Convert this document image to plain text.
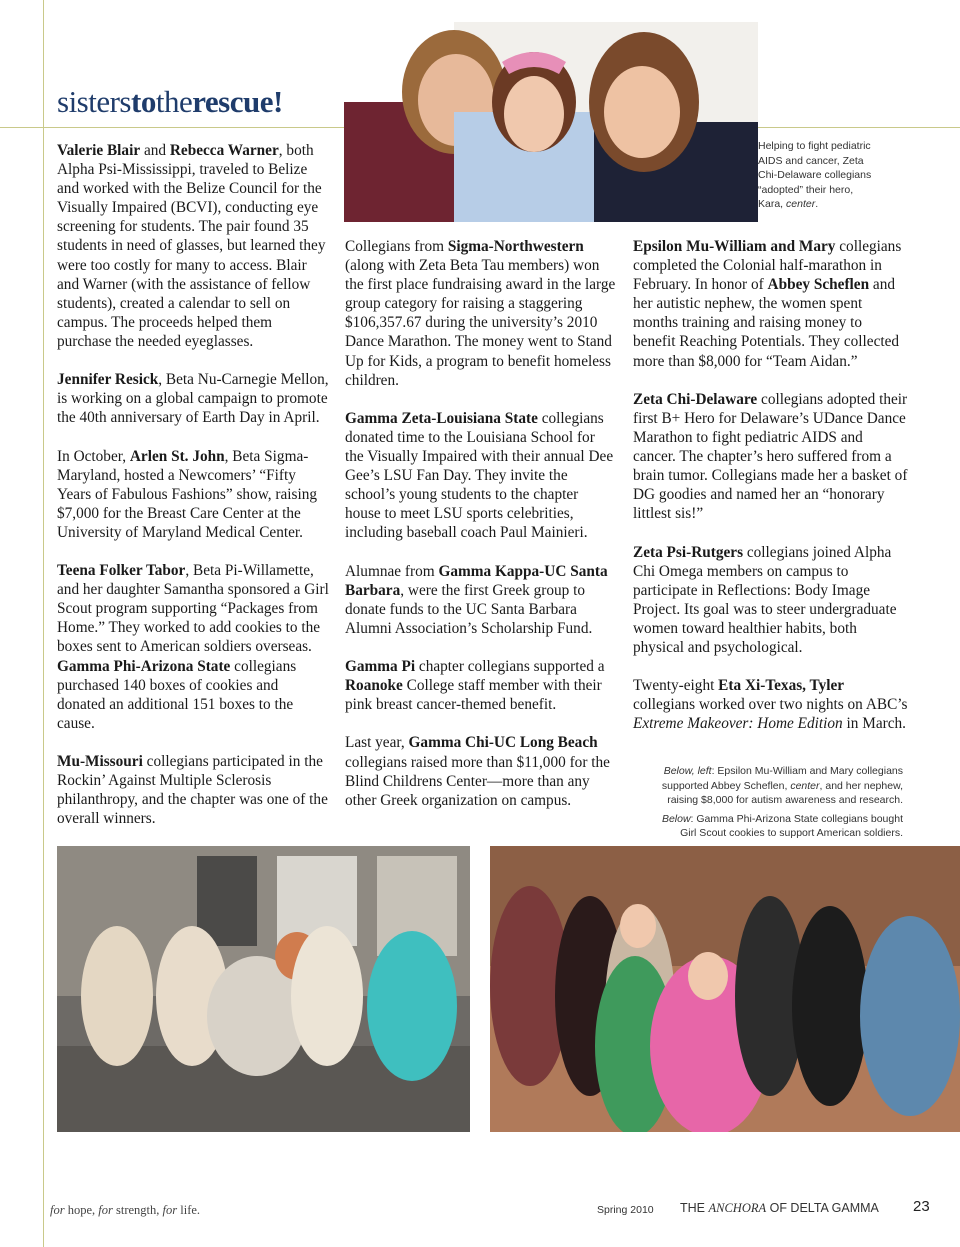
sisterstotherescue!
Helping to fight pediatric
AIDS and cancer, Zeta
Chi-Delaware collegians
“adopted” their hero,
Kara, center.

Valerie Blair and Rebecca Warner, both Alpha Psi-Mississippi, traveled to Belize and worked with the Belize Council for the Visually Impaired (BCVI), conducting eye screening for students. The pair found 35 students in need of glasses, but learned they were too costly for many to access. Blair and Warner (with the assistance of fellow students), created a calendar to sell on campus. The proceeds helped them purchase the needed eyeglasses.

Jennifer Resick, Beta Nu-Carnegie Mellon, is working on a global campaign to promote the 40th anniversary of Earth Day in April.

In October, Arlen St. John, Beta Sigma-Maryland, hosted a Newcomers’ “Fifty Years of Fabulous Fashions” show, raising $7,000 for the Breast Care Center at the University of Maryland Medical Center.

Teena Folker Tabor, Beta Pi-Willamette, and her daughter Samantha sponsored a Girl Scout program supporting “Packages from Home.” They worked to add cookies to the boxes sent to American soldiers overseas. Gamma Phi-Arizona State collegians purchased 140 boxes of cookies and donated an additional 151 boxes to the cause.

Mu-Missouri collegians participated in the Rockin’ Against Multiple Sclerosis philanthropy, and the chapter was one of the overall winners.

Collegians from Sigma-Northwestern (along with Zeta Beta Tau members) won the first place fundraising award in the large group category for raising a staggering $106,357.67 during the university’s 2010 Dance Marathon. The money went to Stand Up for Kids, a program to benefit homeless children.

Gamma Zeta-Louisiana State collegians donated time to the Louisiana School for the Visually Impaired with their annual Dee Gee’s LSU Fan Day. They invite the school’s young students to the chapter house to meet LSU sports celebrities, including baseball coach Paul Mainieri.

Alumnae from Gamma Kappa-UC Santa Barbara, were the first Greek group to donate funds to the UC Santa Barbara Alumni Association’s Scholarship Fund.

Gamma Pi chapter collegians supported a Roanoke College staff member with their pink breast cancer-themed benefit.

Last year, Gamma Chi-UC Long Beach collegians raised more than $11,000 for the Blind Childrens Center—more than any other Greek organization on campus.

Epsilon Mu-William and Mary collegians completed the Colonial half-marathon in February. In honor of Abbey Scheflen and her autistic nephew, the women spent months training and raising money to benefit Reaching Potentials. They collected more than $8,000 for “Team Aidan.”

Zeta Chi-Delaware collegians adopted their first B+ Hero for Delaware’s UDance Dance Marathon to fight pediatric AIDS and cancer. The chapter’s hero suffered from a brain tumor. Collegians made her a basket of DG goodies and named her an “honorary littlest sis!”

Zeta Psi-Rutgers collegians joined Alpha Chi Omega members on campus to participate in Reflections: Body Image Project. Its goal was to steer undergraduate women toward healthier habits, both physical and psychological.

Twenty-eight Eta Xi-Texas, Tyler collegians worked over two nights on ABC’s Extreme Makeover: Home Edition in March.

Below, left: Epsilon Mu-William and Mary collegians
supported Abbey Scheflen, center, and her nephew,
raising $8,000 for autism awareness and research.

Below: Gamma Phi-Arizona State collegians bought
Girl Scout cookies to support American soldiers.

for hope, for strength, for life.	Spring 2010 THE ANCHORA OF DELTA GAMMA 23
